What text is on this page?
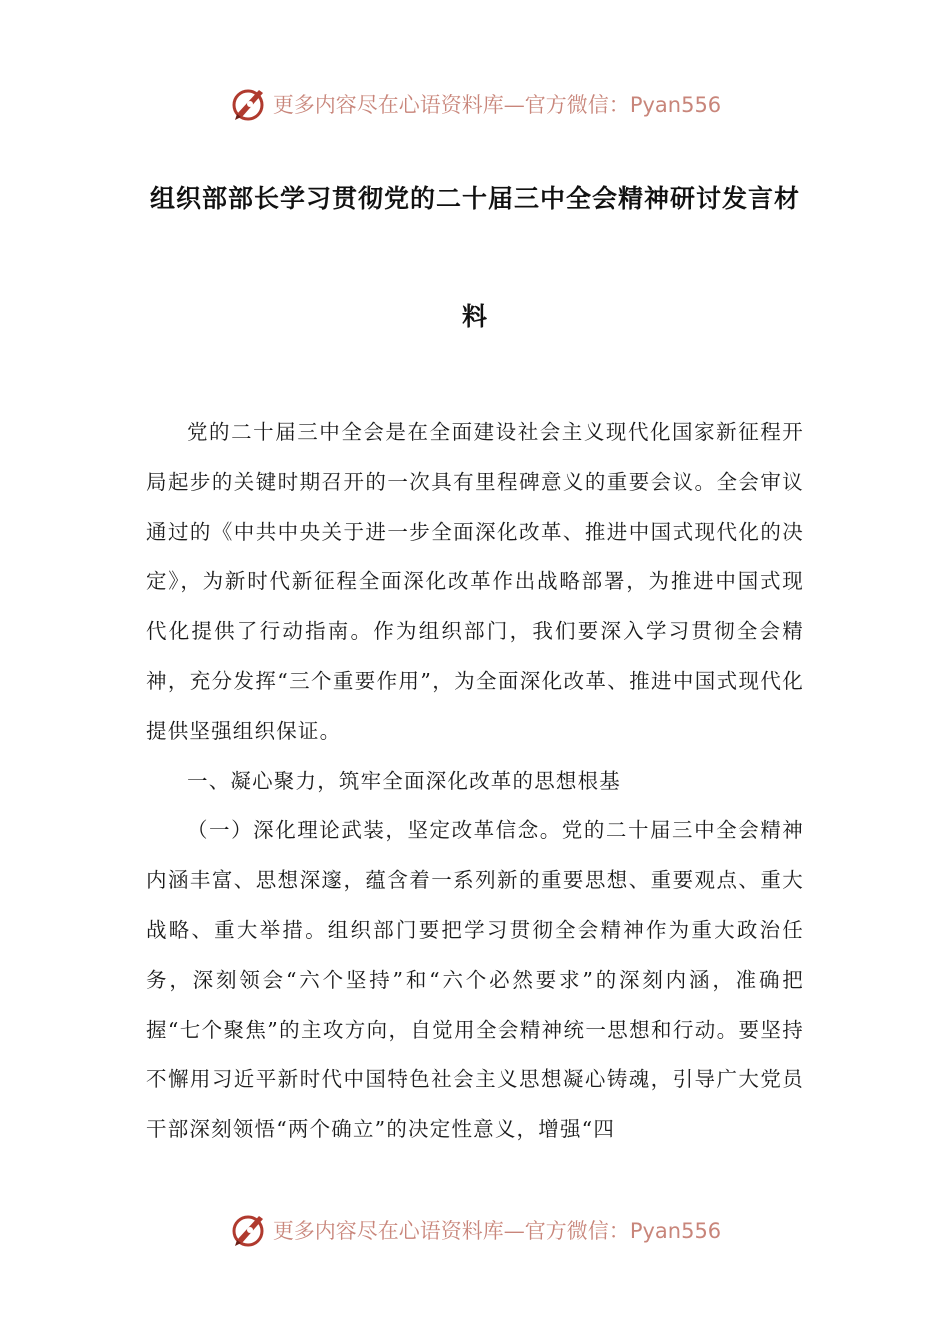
更多内容尽在心语资料库—官方微信：Pyan556
组织部部长学习贯彻党的二十届三中全会精神研讨发言材料

党的二十届三中全会是在全面建设社会主义现代化国家新征程开局起步的关键时期召开的一次具有里程碑意义的重要会议。全会审议通过的《中共中央关于进一步全面深化改革、推进中国式现代化的决定》，为新时代新征程全面深化改革作出战略部署，为推进中国式现代化提供了行动指南。作为组织部门，我们要深入学习贯彻全会精神，充分发挥“三个重要作用”，为全面深化改革、推进中国式现代化提供坚强组织保证。

一、凝心聚力，筑牢全面深化改革的思想根基

（一）深化理论武装，坚定改革信念。党的二十届三中全会精神内涵丰富、思想深邃，蕴含着一系列新的重要思想、重要观点、重大战略、重大举措。组织部门要把学习贯彻全会精神作为重大政治任务，深刻领会“六个坚持”和“六个必然要求”的深刻内涵，准确把握“七个聚焦”的主攻方向，自觉用全会精神统一思想和行动。要坚持不懈用习近平新时代中国特色社会主义思想凝心铸魂，引导广大党员干部深刻领悟“两个确立”的决定性意义，增强“四

更多内容尽在心语资料库—官方微信：Pyan556
